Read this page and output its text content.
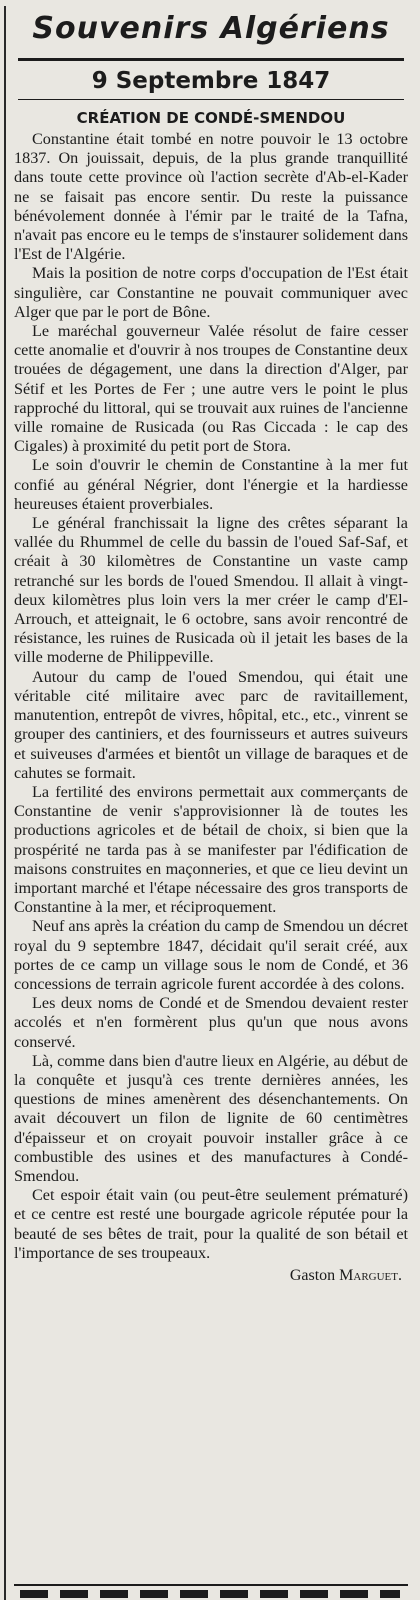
Souvenirs Algériens
9 Septembre 1847
CRÉATION DE CONDÉ-SMENDOU

Constantine était tombé en notre pouvoir le 13 octobre 1837. On jouissait, depuis, de la plus grande tranquillité dans toute cette province où l'action secrète d'Ab-el-Kader ne se faisait pas encore sentir. Du reste la puissance bénévolement donnée à l'émir par le traité de la Tafna, n'avait pas encore eu le temps de s'instaurer solidement dans l'Est de l'Algérie.

Mais la position de notre corps d'occupation de l'Est était singulière, car Constantine ne pouvait communiquer avec Alger que par le port de Bône.

Le maréchal gouverneur Valée résolut de faire cesser cette anomalie et d'ouvrir à nos troupes de Constantine deux trouées de dégagement, une dans la direction d'Alger, par Sétif et les Portes de Fer ; une autre vers le point le plus rapproché du littoral, qui se trouvait aux ruines de l'ancienne ville romaine de Rusicada (ou Ras Ciccada : le cap des Cigales) à proximité du petit port de Stora.

Le soin d'ouvrir le chemin de Constantine à la mer fut confié au général Négrier, dont l'énergie et la hardiesse heureuses étaient proverbiales.

Le général franchissait la ligne des crêtes séparant la vallée du Rhummel de celle du bassin de l'oued Saf-Saf, et créait à 30 kilomètres de Constantine un vaste camp retranché sur les bords de l'oued Smendou. Il allait à vingt-deux kilomètres plus loin vers la mer créer le camp d'El-Arrouch, et atteignait, le 6 octobre, sans avoir rencontré de résistance, les ruines de Rusicada où il jetait les bases de la ville moderne de Philippeville.

Autour du camp de l'oued Smendou, qui était une véritable cité militaire avec parc de ravitaillement, manutention, entrepôt de vivres, hôpital, etc., etc., vinrent se grouper des cantiniers, et des fournisseurs et autres suiveurs et suiveuses d'armées et bientôt un village de baraques et de cahutes se formait.

La fertilité des environs permettait aux commerçants de Constantine de venir s'approvisionner là de toutes les productions agricoles et de bétail de choix, si bien que la prospérité ne tarda pas à se manifester par l'édification de maisons construites en maçonneries, et que ce lieu devint un important marché et l'étape nécessaire des gros transports de Constantine à la mer, et réciproquement.

Neuf ans après la création du camp de Smendou un décret royal du 9 septembre 1847, décidait qu'il serait créé, aux portes de ce camp un village sous le nom de Condé, et 36 concessions de terrain agricole furent accordée à des colons.

Les deux noms de Condé et de Smendou devaient rester accolés et n'en formèrent plus qu'un que nous avons conservé.

Là, comme dans bien d'autre lieux en Algérie, au début de la conquête et jusqu'à ces trente dernières années, les questions de mines amenèrent des désenchantements. On avait découvert un filon de lignite de 60 centimètres d'épaisseur et on croyait pouvoir installer grâce à ce combustible des usines et des manufactures à Condé-Smendou.

Cet espoir était vain (ou peut-être seulement prématuré) et ce centre est resté une bourgade agricole réputée pour la beauté de ses bêtes de trait, pour la qualité de son bétail et l'importance de ses troupeaux.

Gaston Marguet.
